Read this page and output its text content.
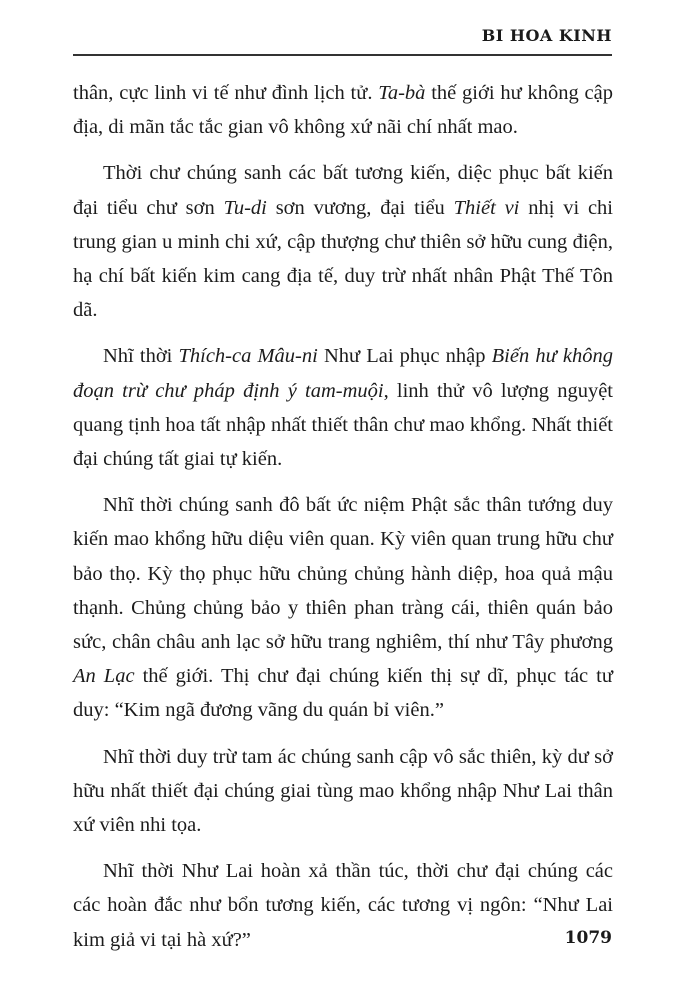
BI HOA KINH

thân, cực linh vi tế như đình lịch tử. Ta-bà thế giới hư không cập địa, di mãn tắc tắc gian vô không xứ nãi chí nhất mao.

Thời chư chúng sanh các bất tương kiến, diệc phục bất kiến đại tiểu chư sơn Tu-di sơn vương, đại tiểu Thiết vi nhị vi chi trung gian u minh chi xứ, cập thượng chư thiên sở hữu cung điện, hạ chí bất kiến kim cang địa tế, duy trừ nhất nhân Phật Thế Tôn dã.

Nhĩ thời Thích-ca Mâu-ni Như Lai phục nhập Biến hư không đoạn trừ chư pháp định ý tam-muội, linh thử vô lượng nguyệt quang tịnh hoa tất nhập nhất thiết thân chư mao khổng. Nhất thiết đại chúng tất giai tự kiến.

Nhĩ thời chúng sanh đô bất ức niệm Phật sắc thân tướng duy kiến mao khổng hữu diệu viên quan. Kỳ viên quan trung hữu chư bảo thọ. Kỳ thọ phục hữu chủng chủng hành diệp, hoa quả mậu thạnh. Chủng chủng bảo y thiên phan tràng cái, thiên quán bảo sức, chân châu anh lạc sở hữu trang nghiêm, thí như Tây phương An Lạc thế giới. Thị chư đại chúng kiến thị sự dĩ, phục tác tư duy: “Kim ngã đương vãng du quán bỉ viên.”

Nhĩ thời duy trừ tam ác chúng sanh cập vô sắc thiên, kỳ dư sở hữu nhất thiết đại chúng giai tùng mao khổng nhập Như Lai thân xứ viên nhi tọa.

Nhĩ thời Như Lai hoàn xả thần túc, thời chư đại chúng các các hoàn đắc như bổn tương kiến, các tương vị ngôn: “Như Lai kim giả vi tại hà xứ?”	1079
